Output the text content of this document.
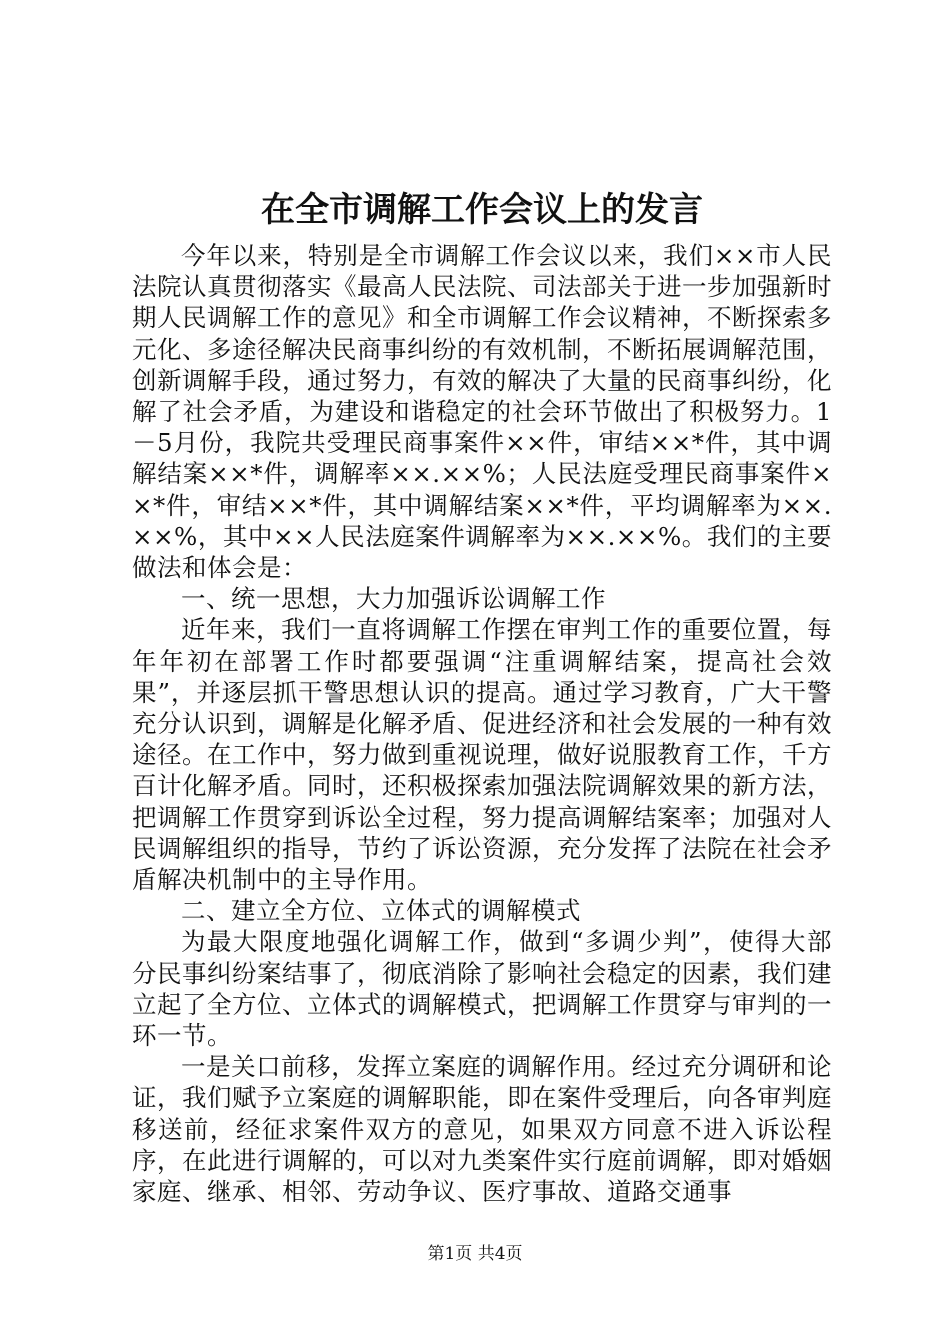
在全市调解工作会议上的发言

今年以来，特别是全市调解工作会议以来，我们××市人民法院认真贯彻落实《最高人民法院、司法部关于进一步加强新时期人民调解工作的意见》和全市调解工作会议精神，不断探索多元化、多途径解决民商事纠纷的有效机制，不断拓展调解范围，创新调解手段，通过努力，有效的解决了大量的民商事纠纷，化解了社会矛盾，为建设和谐稳定的社会环节做出了积极努力。1－5月份，我院共受理民商事案件××件，审结××*件，其中调解结案××*件，调解率××.××%；人民法庭受理民商事案件××*件，审结××*件，其中调解结案××*件，平均调解率为××.××%，其中××人民法庭案件调解率为××.××%。我们的主要做法和体会是：

一、统一思想，大力加强诉讼调解工作

近年来，我们一直将调解工作摆在审判工作的重要位置，每年年初在部署工作时都要强调“注重调解结案，提高社会效果”，并逐层抓干警思想认识的提高。通过学习教育，广大干警充分认识到，调解是化解矛盾、促进经济和社会发展的一种有效途径。在工作中，努力做到重视说理，做好说服教育工作，千方百计化解矛盾。同时，还积极探索加强法院调解效果的新方法，把调解工作贯穿到诉讼全过程，努力提高调解结案率；加强对人民调解组织的指导，节约了诉讼资源，充分发挥了法院在社会矛盾解决机制中的主导作用。

二、建立全方位、立体式的调解模式

为最大限度地强化调解工作，做到“多调少判”，使得大部分民事纠纷案结事了，彻底消除了影响社会稳定的因素，我们建立起了全方位、立体式的调解模式，把调解工作贯穿与审判的一环一节。

一是关口前移，发挥立案庭的调解作用。经过充分调研和论证，我们赋予立案庭的调解职能，即在案件受理后，向各审判庭移送前，经征求案件双方的意见，如果双方同意不进入诉讼程序，在此进行调解的，可以对九类案件实行庭前调解，即对婚姻家庭、继承、相邻、劳动争议、医疗事故、道路交通事

第1页 共4页
